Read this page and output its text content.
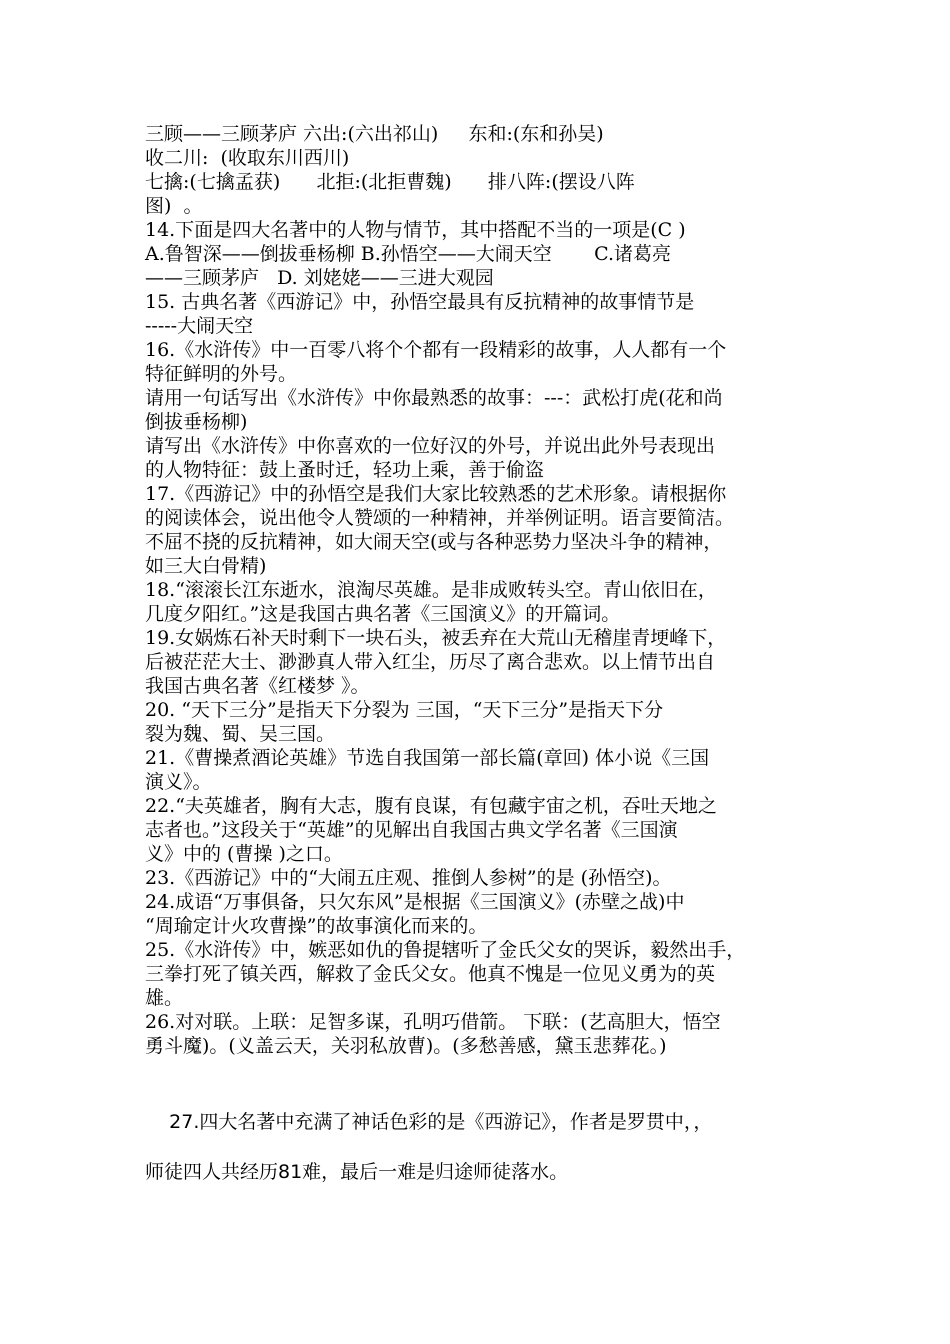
三顾——三顾茅庐 六出:(六出祁山)     东和:(东和孙吴)
收二川:  (收取东川西川)
七擒:(七擒孟获)      北拒:(北拒曹魏)      排八阵:(摆设八阵
图)  。
14.下面是四大名著中的人物与情节，其中搭配不当的一项是(C )
A.鲁智深——倒拔垂杨柳 B.孙悟空——大闹天空       C.诸葛亮
——三顾茅庐   D. 刘姥姥——三进大观园
15. 古典名著《西游记》中，孙悟空最具有反抗精神的故事情节是
-----大闹天空
16.《水浒传》中一百零八将个个都有一段精彩的故事，人人都有一个
特征鲜明的外号。
请用一句话写出《水浒传》中你最熟悉的故事：---：武松打虎(花和尚
倒拔垂杨柳)
请写出《水浒传》中你喜欢的一位好汉的外号，并说出此外号表现出
的人物特征：鼓上蚤时迁，轻功上乘，善于偷盗
17.《西游记》中的孙悟空是我们大家比较熟悉的艺术形象。请根据你
的阅读体会，说出他令人赞颂的一种精神，并举例证明。语言要简洁。
不屈不挠的反抗精神，如大闹天空(或与各种恶势力坚决斗争的精神，
如三大白骨精)
18.“滚滚长江东逝水，浪淘尽英雄。是非成败转头空。青山依旧在，
几度夕阳红。”这是我国古典名著《三国演义》的开篇词。
19.女娲炼石补天时剩下一块石头，被丢弃在大荒山无稽崖青埂峰下，
后被茫茫大士、渺渺真人带入红尘，历尽了离合悲欢。以上情节出自
我国古典名著《红楼梦 》。
20. “天下三分”是指天下分裂为 三国，“天下三分”是指天下分
裂为魏、蜀、吴三国。
21.《曹操煮酒论英雄》节选自我国第一部长篇(章回) 体小说《三国
演义》。
22.“夫英雄者，胸有大志，腹有良谋，有包藏宇宙之机，吞吐天地之
志者也。”这段关于“英雄”的见解出自我国古典文学名著《三国演
义》中的 (曹操 )之口。
23.《西游记》中的“大闹五庄观、推倒人参树”的是 (孙悟空)。
24.成语“万事俱备，只欠东风”是根据《三国演义》(赤壁之战)中
“周瑜定计火攻曹操”的故事演化而来的。
25.《水浒传》中，嫉恶如仇的鲁提辖听了金氏父女的哭诉，毅然出手，
三拳打死了镇关西，解救了金氏父女。他真不愧是一位见义勇为的英
雄。
26.对对联。上联：足智多谋，孔明巧借箭。 下联：(艺高胆大，悟空
勇斗魔)。(义盖云天，关羽私放曹)。(多愁善感，黛玉悲葬花。)
27.四大名著中充满了神话色彩的是《西游记》，作者是罗贯中，，
师徒四人共经历81难，最后一难是归途师徒落水。
